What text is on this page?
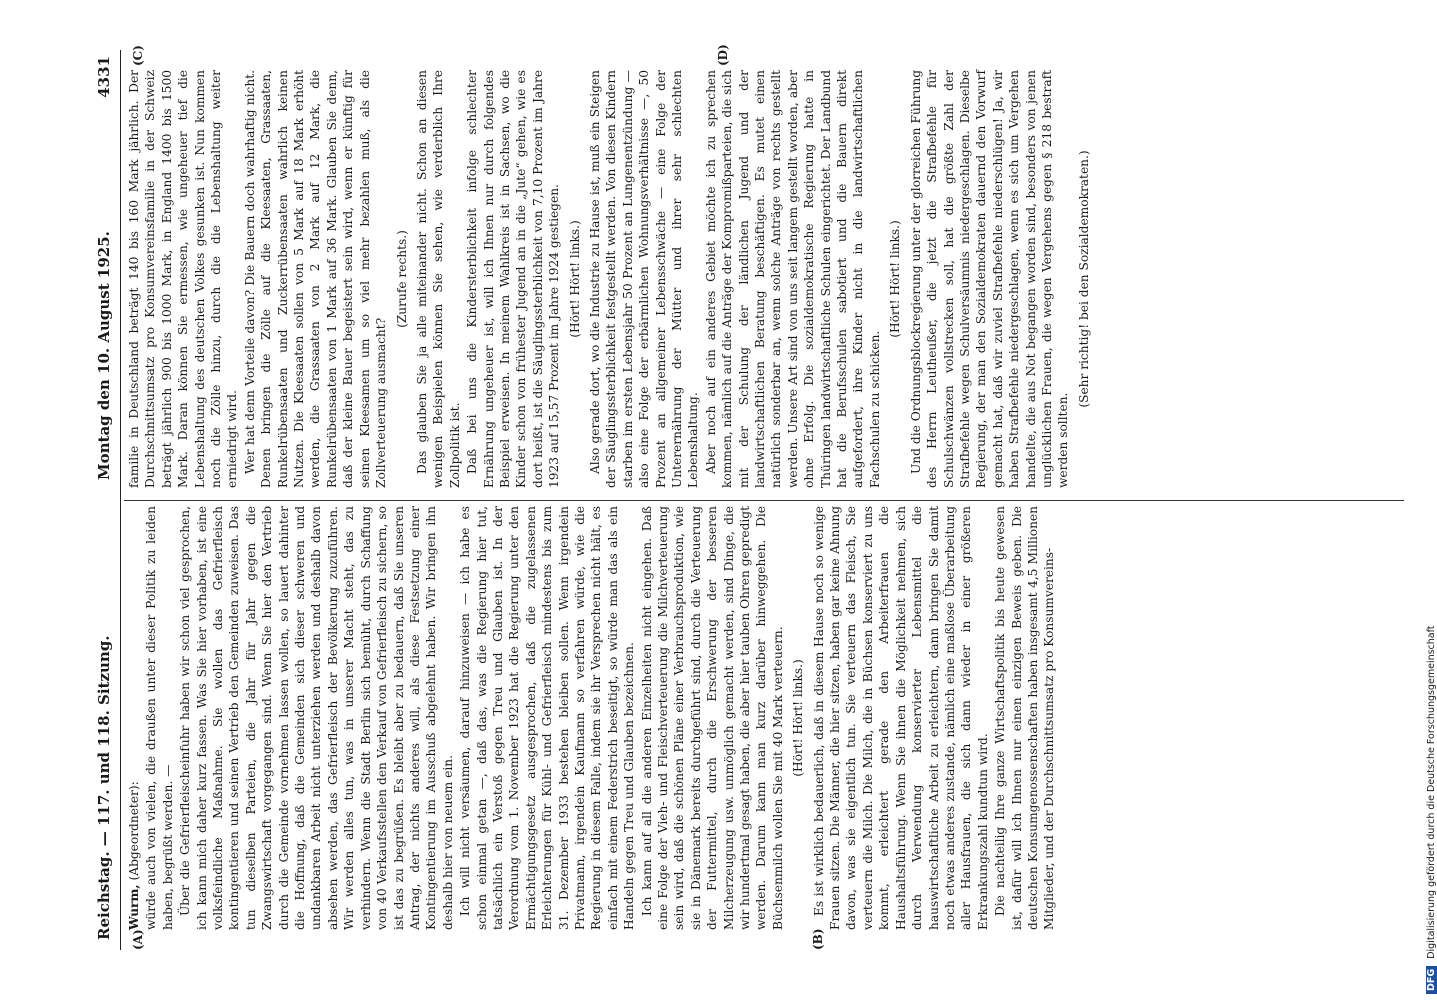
Reichstag. — 117. und 118. Sitzung.
Montag den 10. August 1925.
4331
(A)	(B)
(C)	(D)

Wurm, (Abgeordneter): würde auch von vielen, die draußen unter dieser Politik zu leiden haben, begrüßt werden. — Über die Gefrierfleischeinfuhr haben wir schon viel gesprochen, ich kann mich daher kurz fassen. Was Sie hier vorhaben, ist eine volksfeindliche Maßnahme. Sie wollen das Gefrierfleisch kontingentieren und seinen Vertrieb den Gemeinden zuweisen. Das tun dieselben Parteien, die Jahr für Jahr gegen die Zwangswirtschaft vorgegangen sind. Wenn Sie hier den Vertrieb durch die Gemeinde vornehmen lassen wollen, so lauert dahinter die Hoffnung, daß die Gemeinden sich dieser schweren und undankbaren Arbeit nicht unterziehen werden und deshalb davon absehen werden, das Gefrierfleisch der Bevölkerung zuzuführen. Wir werden alles tun, was in unserer Macht steht, das zu verhindern. Wenn die Stadt Berlin sich bemüht, durch Schaffung von 40 Verkaufsstellen den Verkauf von Gefrierfleisch zu sichern, so ist das zu begrüßen. Es bleibt aber zu bedauern, daß Sie unseren Antrag, der nichts anderes will, als diese Festsetzung einer Kontingentierung im Ausschuß abgelehnt haben. Wir bringen ihn deshalb hier von neuem ein. Ich will nicht versäumen, darauf hinzuweisen — ich habe es schon einmal getan —, daß das, was die Regierung hier tut, tatsächlich ein Verstoß gegen Treu und Glauben ist. In der Verordnung vom 1. November 1923 hat die Regierung unter den Ermächtigungsgesetz ausgesprochen, daß die zugelassenen Erleichterungen für Kühl- und Gefrierfleisch mindestens bis zum 31. Dezember 1933 bestehen bleiben sollen. Wenn irgendein Privatmann, irgendein Kaufmann so verfahren würde, wie die Regierung in diesem Falle, indem sie ihr Versprechen nicht hält, es einfach mit einem Federstrich beseitigt, so würde man das als ein Handeln gegen Treu und Glauben bezeichnen. Ich kann auf all die anderen Einzelheiten nicht eingehen. Daß eine Folge der Vieh- und Fleischverteuerung die Milchverteuerung sein wird, daß die schönen Pläne einer Verbrauchsproduktion, wie sie in Dänemark bereits durchgeführt sind, durch die Verteuerung der Futtermittel, durch die Erschwerung der besseren Milcherzeugung usw. unmöglich gemacht werden, sind Dinge, die wir hundertmal gesagt haben, die aber hier tauben Ohren gepredigt werden. Darum kann man kurz darüber hinweggehen. Die Büchsenmilch wollen Sie mit 40 Mark verteuern. (Hört! Hört! links.) Es ist wirklich bedauerlich, daß in diesem Hause noch so wenige Frauen sitzen. Die Männer, die hier sitzen, haben gar keine Ahnung davon, was sie eigentlich tun. Sie verteuern das Fleisch, Sie verteuern die Milch. Die Milch, die in Büchsen konserviert zu uns kommt, erleichtert gerade den Arbeiterfrauen die Haushaltsführung. Wenn Sie ihnen die Möglichkeit nehmen, sich durch Verwendung konservierter Lebensmittel die hauswirtschaftliche Arbeit zu erleichtern, dann bringen Sie damit noch etwas anderes zustande, nämlich eine maßlose Überarbeitung aller Hausfrauen, die sich dann wieder in einer größeren Erkrankungszahl kundtun wird. Die nachteilig Ihre ganze Wirtschaftspolitik bis heute gewesen ist, dafür will ich Ihnen nur einen einzigen Beweis geben. Die deutschen Konsumgenossenschaften haben insgesamt 4,5 Millionen Mitglieder, und der Durchschnittsumsatz pro Konsumvereins-

familie in Deutschland beträgt 140 bis 160 Mark jährlich. Der Durchschnittsumsatz pro Konsumvereinsfamilie in der Schweiz beträgt jährlich 900 bis 1000 Mark, in England 1400 bis 1500 Mark. Daran können Sie ermessen, wie ungeheuer tief die Lebenshaltung des deutschen Volkes gesunken ist. Nun kommen noch die Zölle hinzu, durch die die Lebenshaltung weiter erniedrigt wird. Wer hat denn Vorteile davon? Die Bauern doch wahrhaftig nicht. Denen bringen die Zölle auf die Kleesaaten, Grassaaten, Runkelrübensaaten und Zuckerrübensaaten wahrlich keinen Nutzen. Die Kleesaaten sollen von 5 Mark auf 18 Mark erhöht werden, die Grassaaten von 2 Mark auf 12 Mark, die Runkelrübensaaten von 1 Mark auf 36 Mark. Glauben Sie denn, daß der kleine Bauer begeistert sein wird, wenn er künftig für seinen Kleesamen um so viel mehr bezahlen muß, als die Zollverteuerung ausmacht?

(Zurufe rechts.) Das glauben Sie ja alle miteinander nicht. Schon an diesen wenigen Beispielen können Sie sehen, wie verderblich Ihre Zollpolitik ist. Daß bei uns die Kindersterblichkeit infolge schlechter Ernährung ungeheuer ist, will ich Ihnen nur durch folgendes Beispiel erweisen. In meinem Wahlkreis ist in Sachsen, wo die Kinder schon von frühester Jugend an in die „Jute“ gehen, wie es dort heißt, ist die Säuglingssterblichkeit von 7,10 Prozent im Jahre 1923 auf 15,57 Prozent im Jahre 1924 gestiegen. (Hört! Hört! links.) Also gerade dort, wo die Industrie zu Hause ist, muß ein Steigen der Säuglingssterblichkeit festgestellt werden. Von diesen Kindern starben im ersten Lebensjahr 50 Prozent an Lungenentzündung — also eine Folge der erbärmlichen Wohnungsverhältnisse —, 50 Prozent an allgemeiner Lebensschwäche — eine Folge der Unterernährung der Mütter und ihrer sehr schlechten Lebenshaltung. Aber noch auf ein anderes Gebiet möchte ich zu sprechen kommen, nämlich auf die Anträge der Kompromißparteien, die sich mit der Schulung der ländlichen Jugend und der landwirtschaftlichen Beratung beschäftigen. Es mutet einen natürlich sonderbar an, wenn solche Anträge von rechts gestellt werden. Unsere Art sind von uns seit langem gestellt worden, aber ohne Erfolg. Die sozialdemokratische Regierung hatte in Thüringen landwirtschaftliche Schulen eingerichtet. Der Landbund hat die Berufsschulen sabotiert und die Bauern direkt aufgefordert, ihre Kinder nicht in die landwirtschaftlichen Fachschulen zu schicken.

(Hört! Hört! links.) Und die Ordnungsblockregierung unter der glorreichen Führung des Herrn Leutheußer, die jetzt die Strafbefehle für Schulschwänzen vollstrecken soll, hat die größte Zahl der Strafbefehle wegen Schulversäumnis niedergeschlagen. Dieselbe Regierung, der man den Sozialdemokraten dauernd den Vorwurf gemacht hat, daß wir zuviel Strafbefehle niederschlügen! Ja, wir haben Strafbefehle niedergeschlagen, wenn es sich um Vergehen handelte, die aus Not begangen worden sind, besonders von jenen unglücklichen Frauen, die wegen Vergehens gegen § 218 bestraft werden sollten.

(Sehr richtig! bei den Sozialdemokraten.)

DFG Digitalisierung gefördert durch die Deutsche Forschungsgemeinschaft
